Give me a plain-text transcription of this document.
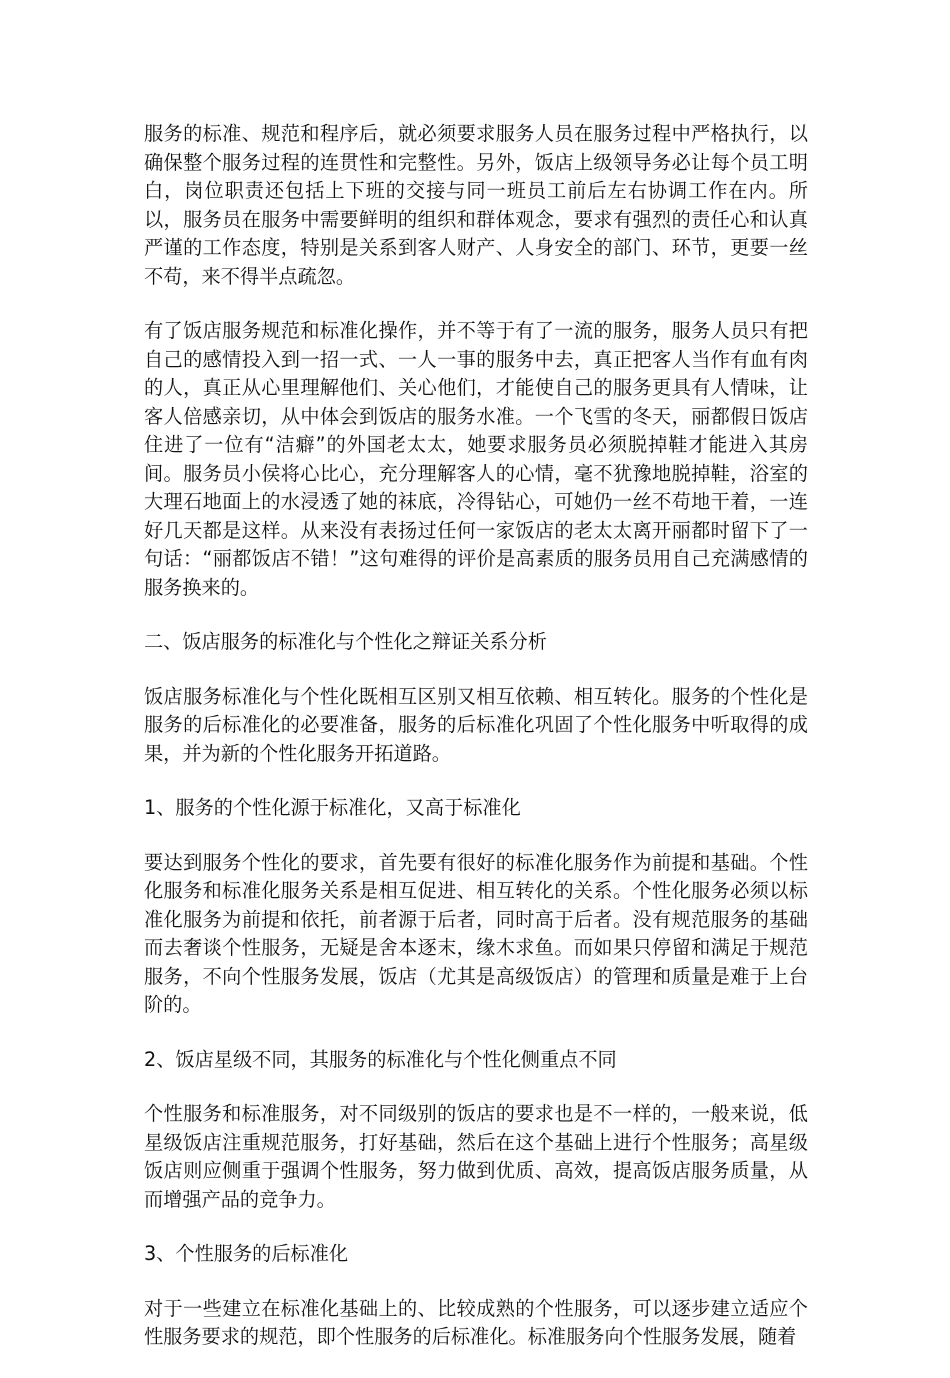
服务的标准、规范和程序后，就必须要求服务人员在服务过程中严格执行，以确保整个服务过程的连贯性和完整性。另外，饭店上级领导务必让每个员工明白，岗位职责还包括上下班的交接与同一班员工前后左右协调工作在内。所以，服务员在服务中需要鲜明的组织和群体观念，要求有强烈的责任心和认真严谨的工作态度，特别是关系到客人财产、人身安全的部门、环节，更要一丝不苟，来不得半点疏忽。

有了饭店服务规范和标准化操作，并不等于有了一流的服务，服务人员只有把自己的感情投入到一招一式、一人一事的服务中去，真正把客人当作有血有肉的人，真正从心里理解他们、关心他们，才能使自己的服务更具有人情味，让客人倍感亲切，从中体会到饭店的服务水准。一个飞雪的冬天，丽都假日饭店住进了一位有“洁癖”的外国老太太，她要求服务员必须脱掉鞋才能进入其房间。服务员小侯将心比心，充分理解客人的心情，毫不犹豫地脱掉鞋，浴室的大理石地面上的水浸透了她的袜底，冷得钻心，可她仍一丝不苟地干着，一连好几天都是这样。从来没有表扬过任何一家饭店的老太太离开丽都时留下了一句话：“丽都饭店不错！”这句难得的评价是高素质的服务员用自己充满感情的服务换来的。

二、饭店服务的标准化与个性化之辩证关系分析

饭店服务标准化与个性化既相互区别又相互依赖、相互转化。服务的个性化是服务的后标准化的必要准备，服务的后标准化巩固了个性化服务中听取得的成果，并为新的个性化服务开拓道路。

1、服务的个性化源于标准化，又高于标准化

要达到服务个性化的要求，首先要有很好的标准化服务作为前提和基础。个性化服务和标准化服务关系是相互促进、相互转化的关系。个性化服务必须以标准化服务为前提和依托，前者源于后者，同时高于后者。没有规范服务的基础而去奢谈个性服务，无疑是舍本逐末，缘木求鱼。而如果只停留和满足于规范服务，不向个性服务发展，饭店（尤其是高级饭店）的管理和质量是难于上台阶的。

2、饭店星级不同，其服务的标准化与个性化侧重点不同

个性服务和标准服务，对不同级别的饭店的要求也是不一样的，一般来说，低星级饭店注重规范服务，打好基础，然后在这个基础上进行个性服务；高星级饭店则应侧重于强调个性服务，努力做到优质、高效，提高饭店服务质量，从而增强产品的竞争力。

3、个性服务的后标准化

对于一些建立在标准化基础上的、比较成熟的个性服务，可以逐步建立适应个性服务要求的规范，即个性服务的后标准化。标准服务向个性服务发展，随着
